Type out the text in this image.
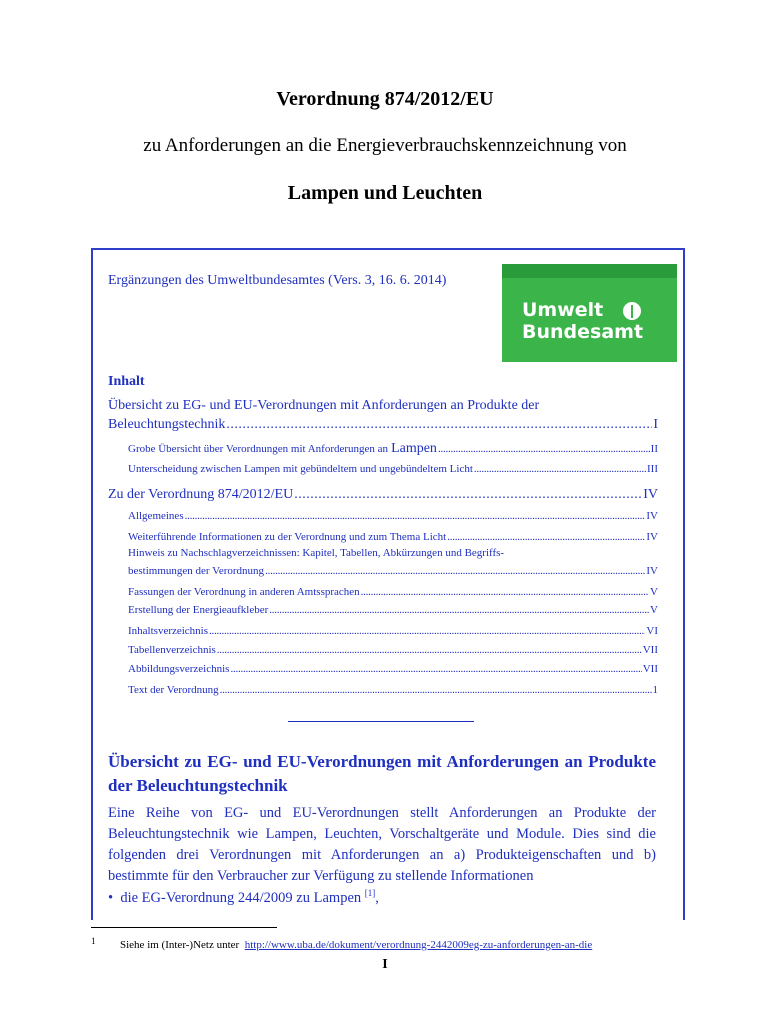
Verordnung 874/2012/EU
zu Anforderungen an die Energieverbrauchskennzeichnung von
Lampen und Leuchten
Ergänzungen des Umweltbundesamtes (Vers. 3, 16. 6. 2014)
Umwelt
Bundesamt
Inhalt
Übersicht zu EG- und EU-Verordnungen mit Anforderungen an Produkte der
Beleuchtungstechnik . . .	I
Grobe Übersicht über Verordnungen mit Anforderungen an Lampen . . .	II
Unterscheidung zwischen Lampen mit gebündeltem und ungebündeltem Licht . . .	III
Zu der Verordnung 874/2012/EU . . .	IV
Allgemeines . . .	IV
Weiterführende Informationen zu der Verordnung und zum Thema Licht . . .	IV
Hinweis zu Nachschlagverzeichnissen: Kapitel, Tabellen, Abkürzungen und Begriffs-
bestimmungen der Verordnung . . .	IV
Fassungen der Verordnung in anderen Amtssprachen . . .	V
Erstellung der Energieaufkleber . . .	V
Inhaltsverzeichnis . . .	VI
Tabellenverzeichnis . . .	VII
Abbildungsverzeichnis . . .	VII
Text der Verordnung . . .	1
Übersicht zu EG- und EU-Verordnungen mit Anforderungen an Produkte der Beleuchtungstechnik
Eine Reihe von EG- und EU-Verordnungen stellt Anforderungen an Produkte der Beleuchtungstechnik wie Lampen, Leuchten, Vorschaltgeräte und Module. Dies sind die folgenden drei Verordnungen mit Anforderungen an a) Produkteigenschaften und b) bestimmte für den Verbraucher zur Verfügung zu stellende Informationen
•  die EG-Verordnung 244/2009 zu Lampen [1],
1 Siehe im (Inter-)Netz unter http://www.uba.de/dokument/verordnung-2442009eg-zu-anforderungen-an-die
I
